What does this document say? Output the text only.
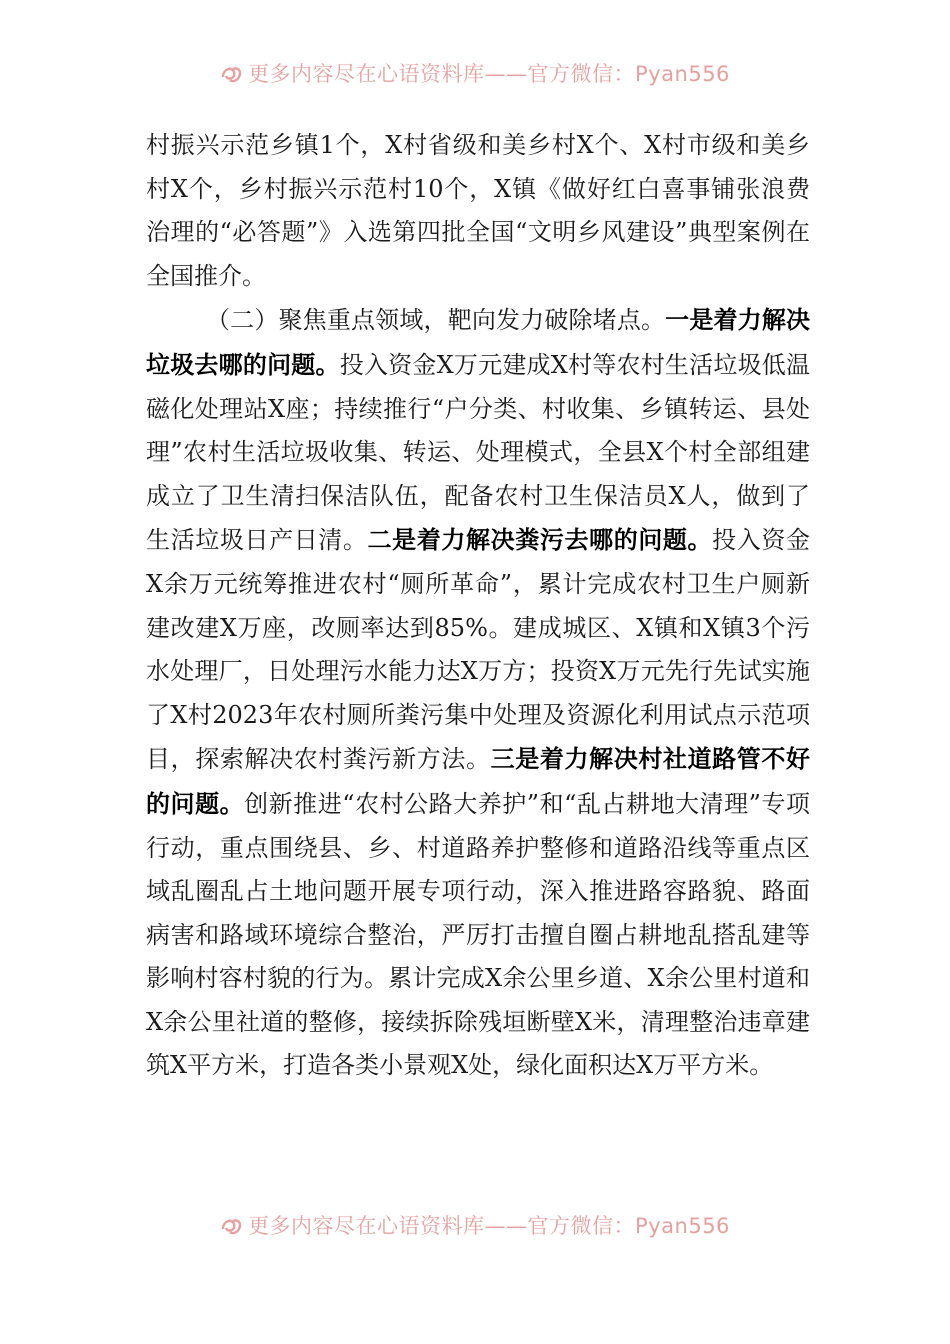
更多内容尽在心语资料库——官方微信：Pyan556

村振兴示范乡镇1个，X村省级和美乡村X个、X村市级和美乡村X个，乡村振兴示范村10个，X镇《做好红白喜事铺张浪费治理的“必答题”》入选第四批全国“文明乡风建设”典型案例在全国推介。

（二）聚焦重点领域，靶向发力破除堵点。一是着力解决垃圾去哪的问题。投入资金X万元建成X村等农村生活垃圾低温磁化处理站X座；持续推行“户分类、村收集、乡镇转运、县处理”农村生活垃圾收集、转运、处理模式，全县X个村全部组建成立了卫生清扫保洁队伍，配备农村卫生保洁员X人，做到了生活垃圾日产日清。二是着力解决粪污去哪的问题。投入资金X余万元统筹推进农村“厕所革命”，累计完成农村卫生户厕新建改建X万座，改厕率达到85%。建成城区、X镇和X镇3个污水处理厂，日处理污水能力达X万方；投资X万元先行先试实施了X村2023年农村厕所粪污集中处理及资源化利用试点示范项目，探索解决农村粪污新方法。三是着力解决村社道路管不好的问题。创新推进“农村公路大养护”和“乱占耕地大清理”专项行动，重点围绕县、乡、村道路养护整修和道路沿线等重点区域乱圈乱占土地问题开展专项行动，深入推进路容路貌、路面病害和路域环境综合整治，严厉打击擅自圈占耕地乱搭乱建等影响村容村貌的行为。累计完成X余公里乡道、X余公里村道和X余公里社道的整修，接续拆除残垣断壁X米，清理整治违章建筑X平方米，打造各类小景观X处，绿化面积达X万平方米。

更多内容尽在心语资料库——官方微信：Pyan556
